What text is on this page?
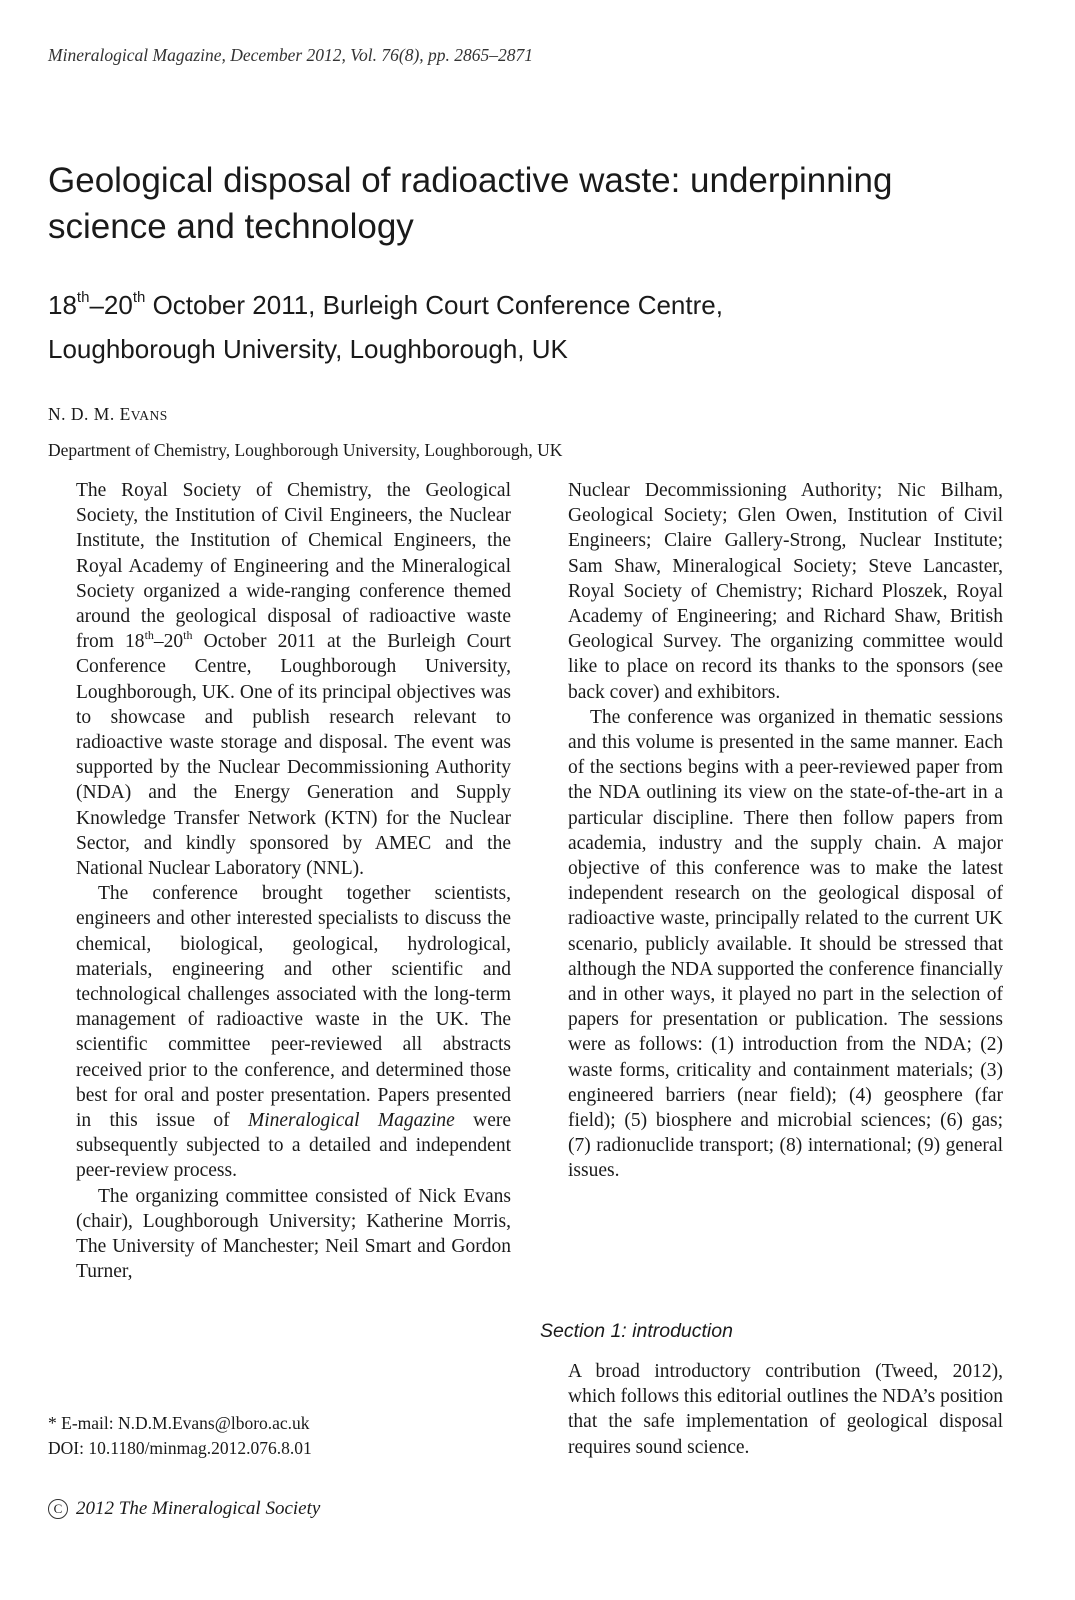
Mineralogical Magazine, December 2012, Vol. 76(8), pp. 2865–2871
Geological disposal of radioactive waste: underpinning science and technology
18th–20th October 2011, Burleigh Court Conference Centre,
Loughborough University, Loughborough, UK
N. D. M. EVANS
Department of Chemistry, Loughborough University, Loughborough, UK

The Royal Society of Chemistry, the Geological Society, the Institution of Civil Engineers, the Nuclear Institute, the Institution of Chemical Engineers, the Royal Academy of Engineering and the Mineralogical Society organized a wide-ranging conference themed around the geological disposal of radioactive waste from 18th–20th October 2011 at the Burleigh Court Conference Centre, Loughborough University, Loughborough, UK. One of its principal objectives was to showcase and publish research relevant to radioactive waste storage and disposal. The event was supported by the Nuclear Decommissioning Authority (NDA) and the Energy Generation and Supply Knowledge Transfer Network (KTN) for the Nuclear Sector, and kindly sponsored by AMEC and the National Nuclear Laboratory (NNL).

The conference brought together scientists, engineers and other interested specialists to discuss the chemical, biological, geological, hydrological, materials, engineering and other scientific and technological challenges associated with the long-term management of radioactive waste in the UK. The scientific committee peer-reviewed all abstracts received prior to the conference, and determined those best for oral and poster presentation. Papers presented in this issue of Mineralogical Magazine were subsequently subjected to a detailed and independent peer-review process.

The organizing committee consisted of Nick Evans (chair), Loughborough University; Katherine Morris, The University of Manchester; Neil Smart and Gordon Turner,

Nuclear Decommissioning Authority; Nic Bilham, Geological Society; Glen Owen, Institution of Civil Engineers; Claire Gallery-Strong, Nuclear Institute; Sam Shaw, Mineralogical Society; Steve Lancaster, Royal Society of Chemistry; Richard Ploszek, Royal Academy of Engineering; and Richard Shaw, British Geological Survey. The organizing committee would like to place on record its thanks to the sponsors (see back cover) and exhibitors.

The conference was organized in thematic sessions and this volume is presented in the same manner. Each of the sections begins with a peer-reviewed paper from the NDA outlining its view on the state-of-the-art in a particular discipline. There then follow papers from academia, industry and the supply chain. A major objective of this conference was to make the latest independent research on the geological disposal of radioactive waste, principally related to the current UK scenario, publicly available. It should be stressed that although the NDA supported the conference financially and in other ways, it played no part in the selection of papers for presentation or publication. The sessions were as follows: (1) introduction from the NDA; (2) waste forms, criticality and containment materials; (3) engineered barriers (near field); (4) geosphere (far field); (5) biosphere and microbial sciences; (6) gas; (7) radionuclide transport; (8) international; (9) general issues.

Section 1: introduction

A broad introductory contribution (Tweed, 2012), which follows this editorial outlines the NDA’s position that the safe implementation of geological disposal requires sound science.

* E-mail: N.D.M.Evans@lboro.ac.uk
DOI: 10.1180/minmag.2012.076.8.01
C 2012 The Mineralogical Society
